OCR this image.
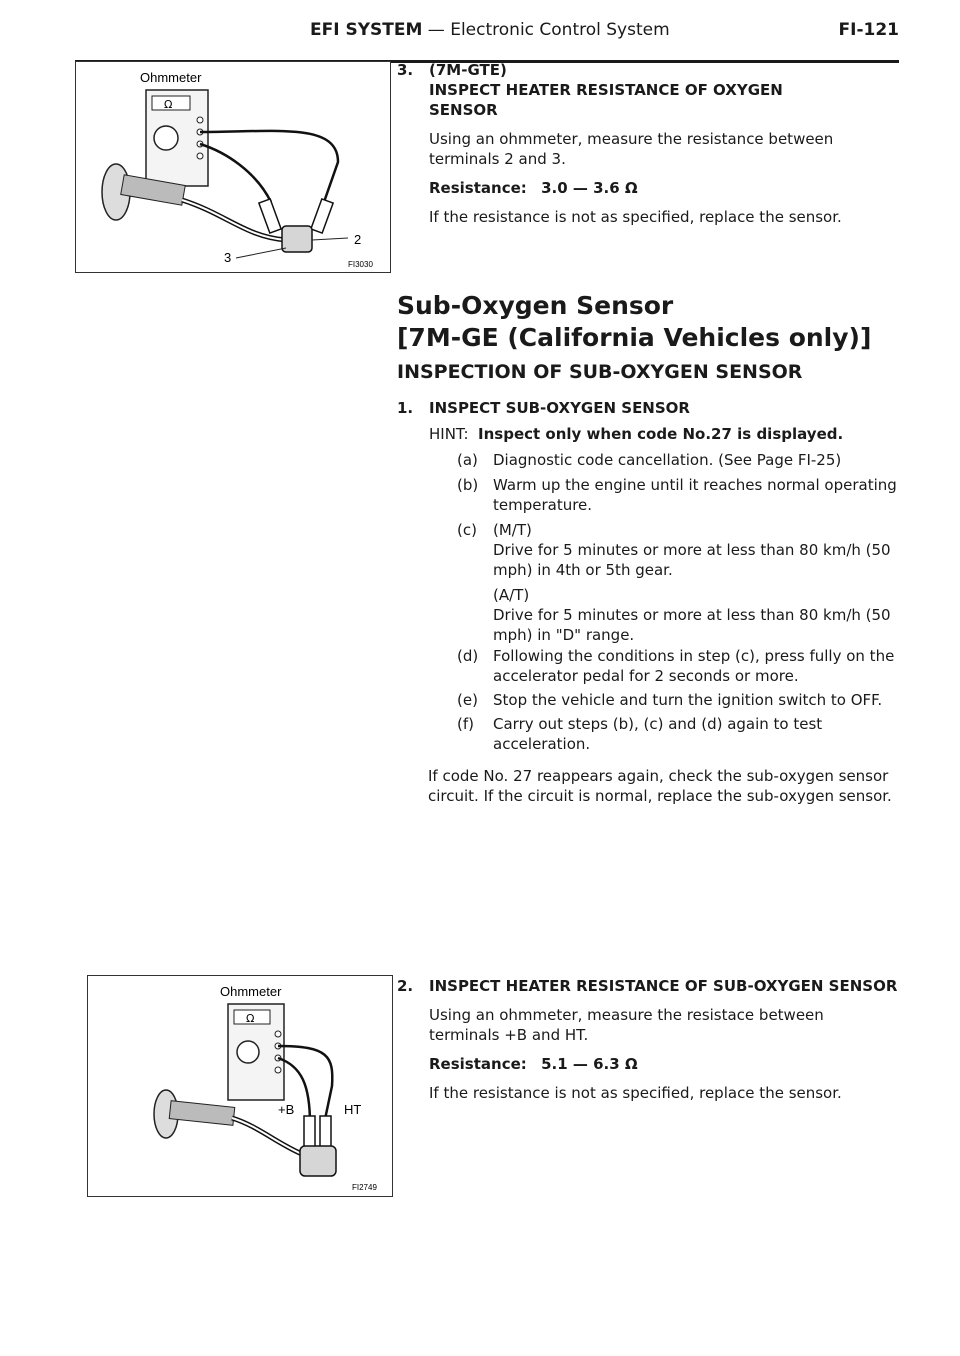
EFI SYSTEM — Electronic Control System	FI-121
Ohmmeter
Ω
2
3	FI3030
3. (7M-GTE)

INSPECT HEATER RESISTANCE OF OXYGEN SENSOR

Using an ohmmeter, measure the resistance between terminals 2 and 3.

Resistance: 3.0 — 3.6 Ω

If the resistance is not as specified, replace the sensor.

Sub-Oxygen Sensor
[7M-GE (California Vehicles only)]
INSPECTION OF SUB-OXYGEN SENSOR
1. INSPECT SUB-OXYGEN SENSOR

HINT: Inspect only when code No.27 is displayed.

(a) Diagnostic code cancellation. (See Page FI-25)
(b) Warm up the engine until it reaches normal operating temperature.
(c) (M/T)
Drive for 5 minutes or more at less than 80 km/h (50 mph) in 4th or 5th gear.
(A/T)
Drive for 5 minutes or more at less than 80 km/h (50 mph) in "D" range.
(d) Following the conditions in step (c), press fully on the accelerator pedal for 2 seconds or more.
(e) Stop the vehicle and turn the ignition switch to OFF.
(f) Carry out steps (b), (c) and (d) again to test acceleration.

If code No. 27 reappears again, check the sub-oxygen sensor circuit. If the circuit is normal, replace the sub-oxygen sensor.

Ohmmeter
Ω
+B	HT
FI2749
2. INSPECT HEATER RESISTANCE OF SUB-OXYGEN SENSOR

Using an ohmmeter, measure the resistace between terminals +B and HT.

Resistance: 5.1 — 6.3 Ω

If the resistance is not as specified, replace the sensor.
